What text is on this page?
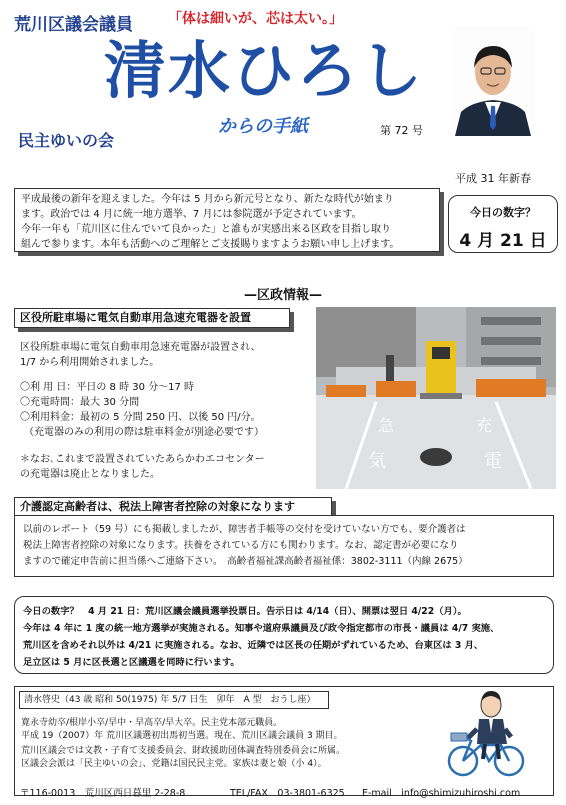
荒川区議会議員	「体は細いが、芯は太い。」
清水ひろし
からの手紙	第 72 号
民主ゆいの会
平成 31 年新春
平成最後の新年を迎えました。今年は 5 月から新元号となり、新たな時代が始まり
ます。政治では 4 月に統一地方選挙、7 月には参院選が予定されています。
今年一年も「荒川区に住んでいて良かった」と誰もが実感出来る区政を目指し取り
組んで参ります。本年も活動へのご理解とご支援賜りますようお願い申し上げます。
今日の数字？
4 月 21 日
—区政情報—
区役所駐車場に電気自動車用急速充電器を設置
区役所駐車場に電気自動車用急速充電器が設置され、
1/7 から利用開始されました。
〇利 用 日：平日の 8 時 30 分～17 時
〇充電時間：最大 30 分間
〇利用料金：最初の 5 分間 250 円、以後 50 円/分。
（充電器のみの利用の際は駐車料金が別途必要です）
＊なお､これまで設置されていたあらかわエコセンター
の充電器は廃止となりました。
急	充
気	電
介護認定高齢者は、税法上障害者控除の対象になります
以前のレポート（59 号）にも掲載しましたが、障害者手帳等の交付を受けていない方でも、要介護者は
税法上障害者控除の対象になります。扶養をされている方にも関わります。なお、認定書が必要になり
ますので確定申告前に担当係へご連絡下さい。　高齢者福祉課高齢者福祉係：3802-3111（内線 2675）
今日の数字？　4 月 21 日：荒川区議会議員選挙投票日。告示日は 4/14（日）、開票は翌日 4/22（月）。
今年は 4 年に 1 度の統一地方選挙が実施される。知事や道府県議員及び政令指定都市の市長・議員は 4/7 実施、
荒川区を含めそれ以外は 4/21 に実施される。なお、近隣では区長の任期がずれているため、台東区は 3 月、
足立区は 5 月に区長選と区議選を同時に行います。
清水啓史（43 歳 昭和 50(1975) 年 5/7 日生　卯年　A 型　おうし座）
寛永寺幼卒/根岸小卒/早中・早高卒/早大卒。民主党本部元職員。
平成 19（2007）年 荒川区議選初出馬初当選。現在、荒川区議会議員 3 期目。
荒川区議会では文教・子育て支援委員会、財政援助団体調査特別委員会に所属。
区議会会派は「民主ゆいの会」、党籍は国民民主党。家族は妻と娘（小 4）。
〒116-0013　荒川区西日暮里 2-28-8	TEL/FAX　03-3801-6325 E-mail　info@shimizuhiroshi.com
